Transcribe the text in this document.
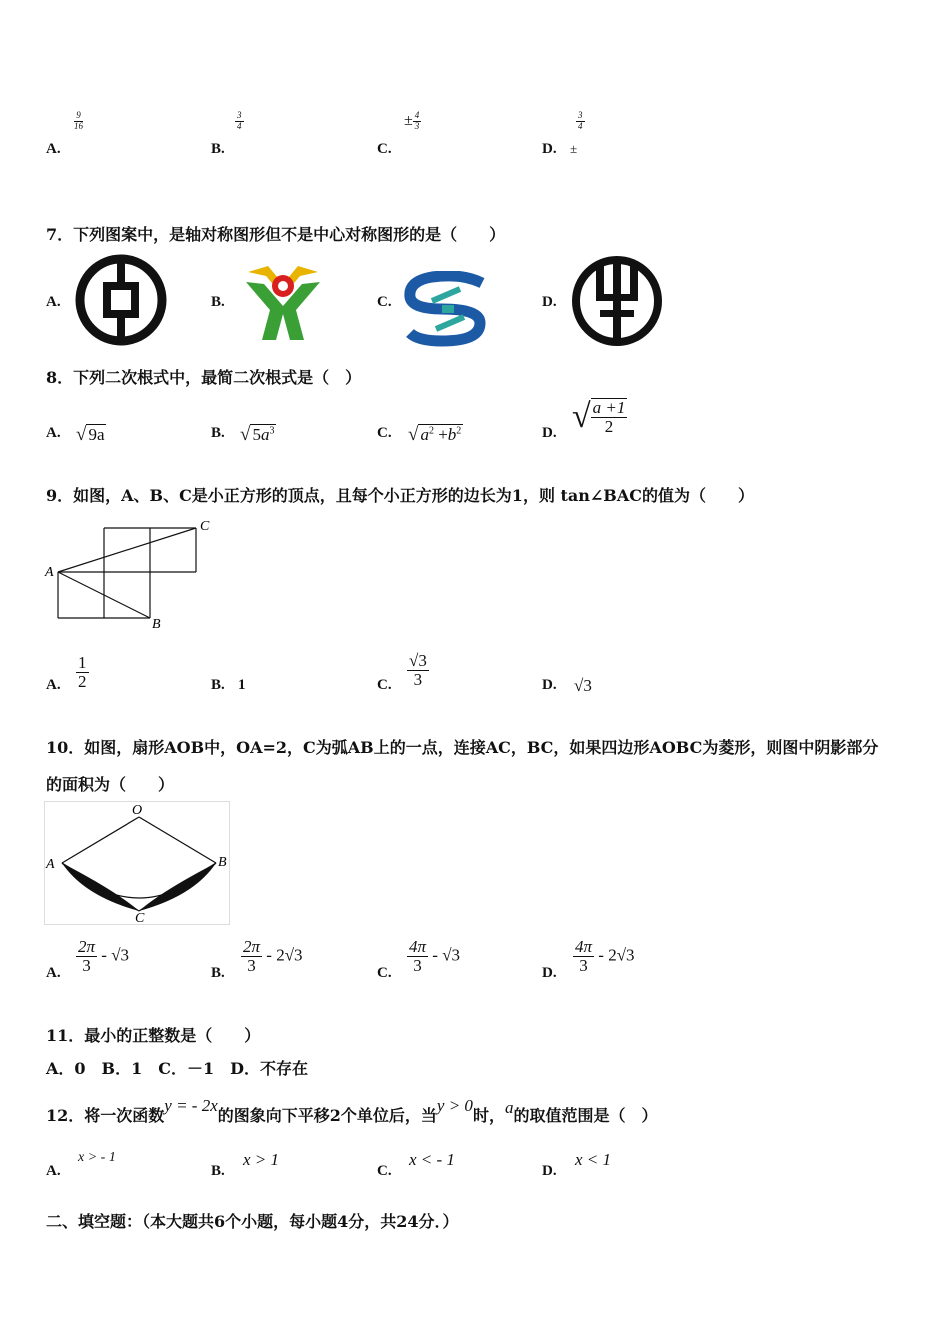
A.
$\frac{9}{16}$
B.
$\frac{3}{4}$
C.
± $\frac{4}{3}$
D. ±
$\frac{3}{4}$
7．下列图案中，是轴对称图形但不是中心对称图形的是（　　）
A.	B.	C.	D.
8．下列二次根式中，最简二次根式是（　）
A. √ 9a	B. √ $5a^3$	C. √ $a^2 +b^2$	D. √ $\frac{a +1}{2}$
9．如图，A、B、C是小正方形的顶点，且每个小正方形的边长为1，则 tan∠BAC的值为（　　）
A
B
C
A. $\frac{1}{2}$	B. 1	C. $\frac{√3}{3}$	D. √3
10．如图，扇形AOB中，OA=2，C为弧AB上的一点，连接AC，BC，如果四边形AOBC为菱形，则图中阴影部分
的面积为（　　）
O
A	B
C
A. $\frac{2\pi}{3} - √3$
B. $\frac{2\pi}{3} - 2√3$
C. $\frac{4\pi}{3} - √3$
D. $\frac{4\pi}{3} - 2√3$
11．最小的正整数是（　　）
A．0　B．1　C．－1　D．不存在
12．将一次函数y = - 2x的图象向下平移2个单位后，当y > 0时，a的取值范围是（　）
A.
x > - 1
B.
x > 1
C.
x < - 1
D.
x < 1
二、填空题：（本大题共6个小题，每小题4分，共24分．）
